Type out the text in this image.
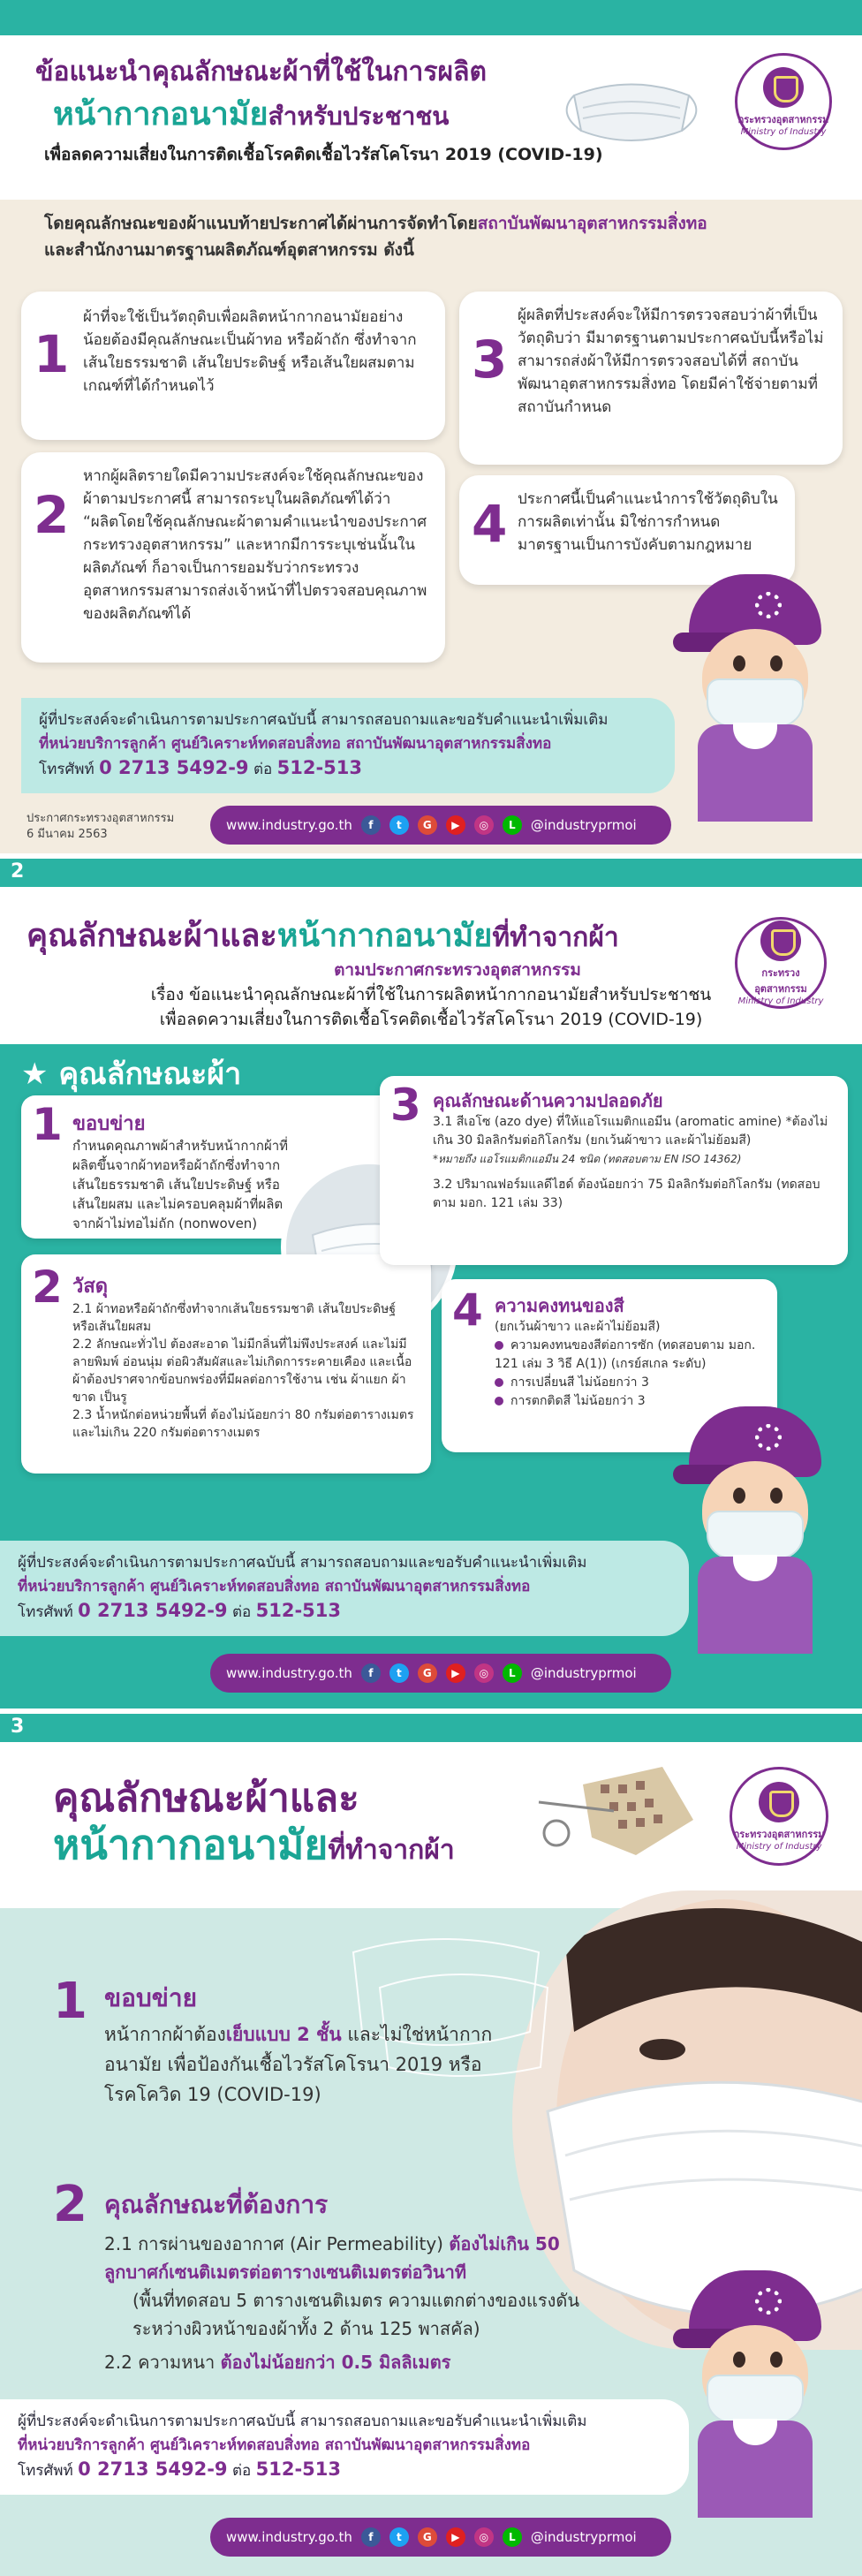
ข้อแนะนำคุณลักษณะผ้าที่ใช้ในการผลิต
หน้ากากอนามัยสำหรับประชาชน
เพื่อลดความเสี่ยงในการติดเชื้อโรคติดเชื้อไวรัสโคโรนา 2019 (COVID-19)
กระทรวงอุตสาหกรรม
Ministry of Industry
โดยคุณลักษณะของผ้าแนบท้ายประกาศได้ผ่านการจัดทำโดยสถาบันพัฒนาอุตสาหกรรมสิ่งทอ
และสำนักงานมาตรฐานผลิตภัณฑ์อุตสาหกรรม ดังนี้
1
ผ้าที่จะใช้เป็นวัตถุดิบเพื่อผลิตหน้ากากอนามัยอย่างน้อยต้องมีคุณลักษณะเป็นผ้าทอ หรือผ้าถัก ซึ่งทำจากเส้นใยธรรมชาติ เส้นใยประดิษฐ์ หรือเส้นใยผสมตามเกณฑ์ที่ได้กำหนดไว้
2
หากผู้ผลิตรายใดมีความประสงค์จะใช้คุณลักษณะของผ้าตามประกาศนี้ สามารถระบุในผลิตภัณฑ์ได้ว่า “ผลิตโดยใช้คุณลักษณะผ้าตามคำแนะนำของประกาศกระทรวงอุตสาหกรรม” และหากมีการระบุเช่นนั้นในผลิตภัณฑ์ ก็อาจเป็นการยอมรับว่ากระทรวงอุตสาหกรรมสามารถส่งเจ้าหน้าที่ไปตรวจสอบคุณภาพของผลิตภัณฑ์ได้
3
ผู้ผลิตที่ประสงค์จะให้มีการตรวจสอบว่าผ้าที่เป็นวัตถุดิบว่า มีมาตรฐานตามประกาศฉบับนี้หรือไม่ สามารถส่งผ้าให้มีการตรวจสอบได้ที่ สถาบันพัฒนาอุตสาหกรรมสิ่งทอ โดยมีค่าใช้จ่ายตามที่สถาบันกำหนด
4 ประกาศนี้เป็นคำแนะนำการใช้วัตถุดิบในการผลิตเท่านั้น มิใช่การกำหนดมาตรฐานเป็นการบังคับตามกฎหมาย
ผู้ที่ประสงค์จะดำเนินการตามประกาศฉบับนี้ สามารถสอบถามและขอรับคำแนะนำเพิ่มเติม
ที่หน่วยบริการลูกค้า ศูนย์วิเคราะห์ทดสอบสิ่งทอ สถาบันพัฒนาอุตสาหกรรมสิ่งทอ
โทรศัพท์ 0 2713 5492-9 ต่อ 512-513
ประกาศกระทรวงอุตสาหกรรม
6 มีนาคม 2563
www.industry.go.th	f	t	G	▶	◎	L	@industryprmoi
2
คุณลักษณะผ้าและหน้ากากอนามัยที่ทำจากผ้า
กระทรวงอุตสาหกรรม
Ministry of Industry
ตามประกาศกระทรวงอุตสาหกรรม
เรื่อง ข้อแนะนำคุณลักษณะผ้าที่ใช้ในการผลิตหน้ากากอนามัยสำหรับประชาชน
เพื่อลดความเสี่ยงในการติดเชื้อโรคติดเชื้อไวรัสโคโรนา 2019 (COVID-19)
★ คุณลักษณะผ้า
1 ขอบข่าย
กำหนดคุณภาพผ้าสำหรับหน้ากากผ้าที่ผลิตขึ้นจากผ้าทอหรือผ้าถักซึ่งทำจากเส้นใยธรรมชาติ เส้นใยประดิษฐ์ หรือเส้นใยผสม และไม่ครอบคลุมผ้าที่ผลิตจากผ้าไม่ทอไม่ถัก (nonwoven)
2 วัสดุ
2.1 ผ้าทอหรือผ้าถักซึ่งทำจากเส้นใยธรรมชาติ เส้นใยประดิษฐ์ หรือเส้นใยผสม
2.2 ลักษณะทั่วไป ต้องสะอาด ไม่มีกลิ่นที่ไม่พึงประสงค์ และไม่มีลายพิมพ์ อ่อนนุ่ม ต่อผิวสัมผัสและไม่เกิดการระคายเคือง และเนื้อผ้าต้องปราศจากข้อบกพร่องที่มีผลต่อการใช้งาน เช่น ผ้าแยก ผ้าขาด เป็นรู
2.3 น้ำหนักต่อหน่วยพื้นที่ ต้องไม่น้อยกว่า 80 กรัมต่อตารางเมตร และไม่เกิน 220 กรัมต่อตารางเมตร
3 คุณลักษณะด้านความปลอดภัย
3.1 สีเอโซ (azo dye) ที่ให้แอโรแมติกแอมีน (aromatic amine) *ต้องไม่เกิน 30 มิลลิกรัมต่อกิโลกรัม (ยกเว้นผ้าขาว และผ้าไม่ย้อมสี)
*หมายถึง แอโรแมติกแอมีน 24 ชนิด (ทดสอบตาม EN ISO 14362)
3.2 ปริมาณฟอร์มแลดีไฮด์ ต้องน้อยกว่า 75 มิลลิกรัมต่อกิโลกรัม (ทดสอบตาม มอก. 121 เล่ม 33)
4 ความคงทนของสี
(ยกเว้นผ้าขาว และผ้าไม่ย้อมสี)
ความคงทนของสีต่อการซัก (ทดสอบตาม มอก. 121 เล่ม 3 วิธี A(1)) (เกรย์สเกล ระดับ)
การเปลี่ยนสี ไม่น้อยกว่า 3
การตกติดสี ไม่น้อยกว่า 3
ผู้ที่ประสงค์จะดำเนินการตามประกาศฉบับนี้ สามารถสอบถามและขอรับคำแนะนำเพิ่มเติม
ที่หน่วยบริการลูกค้า ศูนย์วิเคราะห์ทดสอบสิ่งทอ สถาบันพัฒนาอุตสาหกรรมสิ่งทอ
โทรศัพท์ 0 2713 5492-9 ต่อ 512-513
www.industry.go.th	f	t	G	▶	◎	L	@industryprmoi
3
คุณลักษณะผ้าและ
หน้ากากอนามัยที่ทำจากผ้า
กระทรวงอุตสาหกรรม
Ministry of Industry
1 ขอบข่าย
หน้ากากผ้าต้องเย็บแบบ 2 ชั้น และไม่ใช่หน้ากากอนามัย เพื่อป้องกันเชื้อไวรัสโคโรนา 2019 หรือโรคโควิด 19 (COVID-19)
2 คุณลักษณะที่ต้องการ
2.1 การผ่านของอากาศ (Air Permeability) ต้องไม่เกิน 50 ลูกบาศก์เซนติเมตรต่อตารางเซนติเมตรต่อวินาที
(พื้นที่ทดสอบ 5 ตารางเซนติเมตร ความแตกต่างของแรงดันระหว่างผิวหน้าของผ้าทั้ง 2 ด้าน 125 พาสคัล)
2.2 ความหนา ต้องไม่น้อยกว่า 0.5 มิลลิเมตร
ผู้ที่ประสงค์จะดำเนินการตามประกาศฉบับนี้ สามารถสอบถามและขอรับคำแนะนำเพิ่มเติม
ที่หน่วยบริการลูกค้า ศูนย์วิเคราะห์ทดสอบสิ่งทอ สถาบันพัฒนาอุตสาหกรรมสิ่งทอ
โทรศัพท์ 0 2713 5492-9 ต่อ 512-513
www.industry.go.th	f	t	G	▶	◎	L	@industryprmoi
